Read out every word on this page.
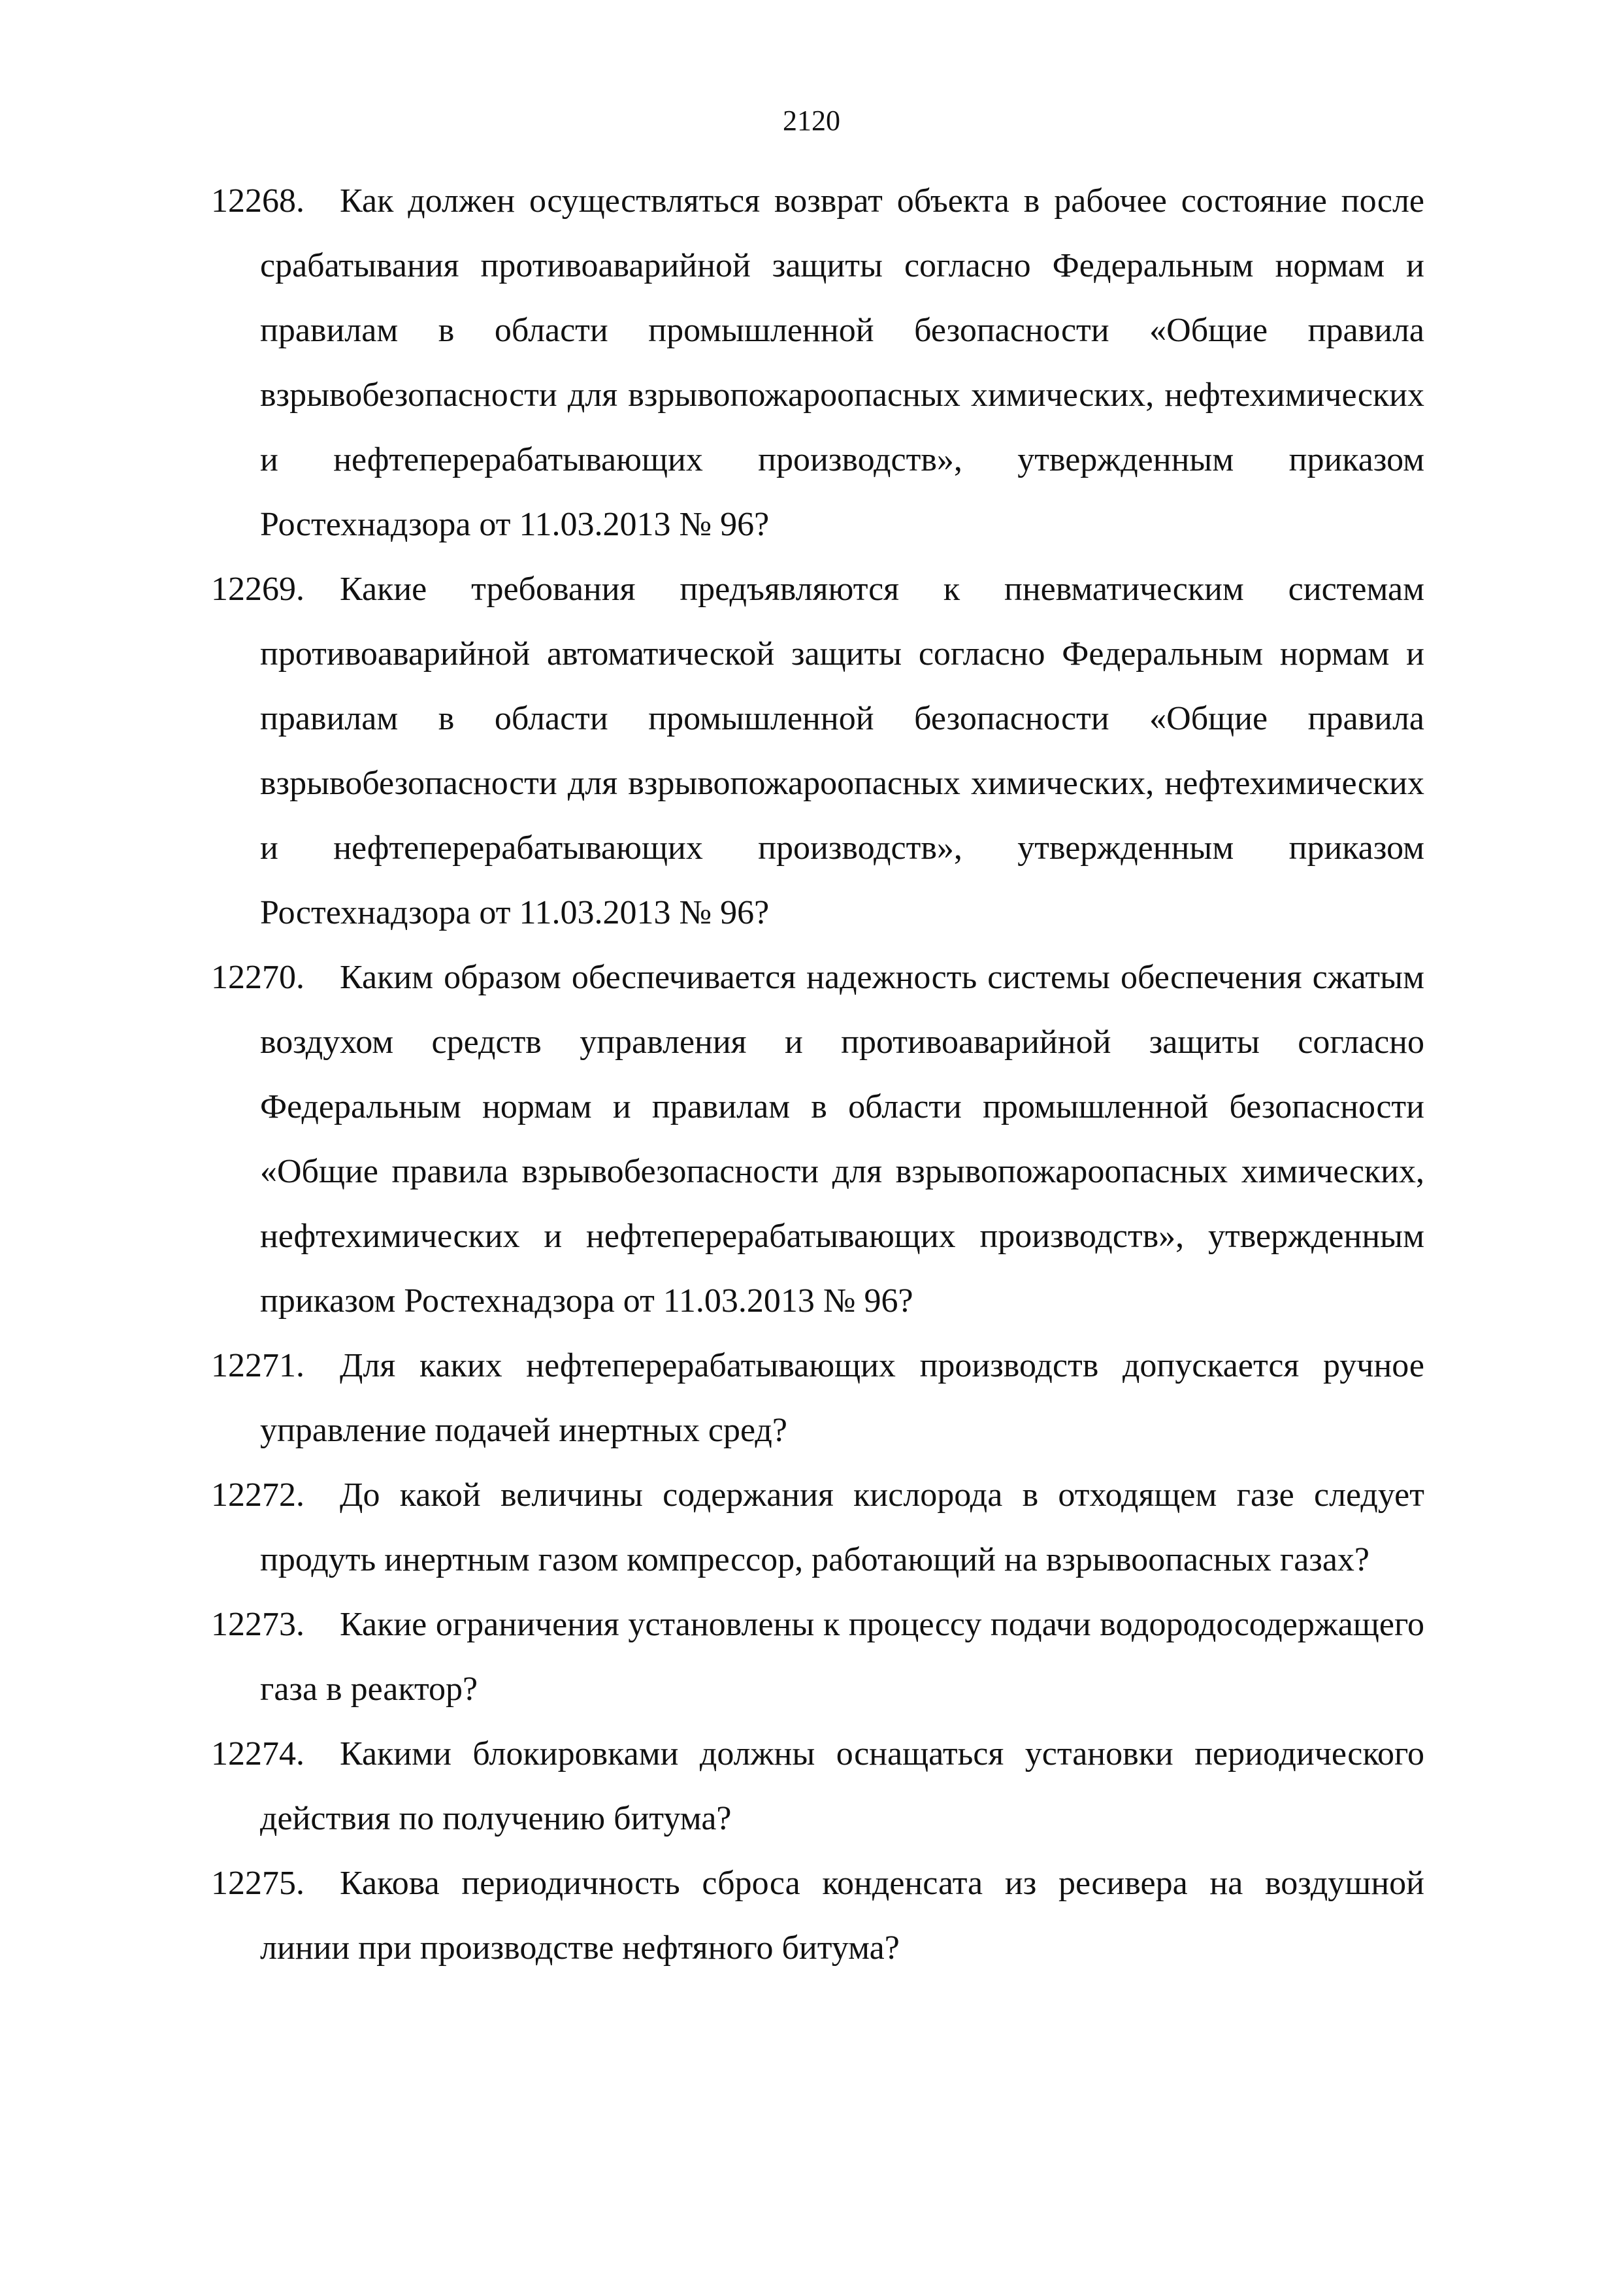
2120
12268.	Как должен осуществляться возврат объекта в рабочее состояние после срабатывания противоаварийной защиты согласно Федеральным нормам и правилам в области промышленной безопасности «Общие правила взрывобезопасности для взрывопожароопасных химических, нефтехимических и нефтеперерабатывающих производств», утвержденным приказом Ростехнадзора от 11.03.2013 № 96?
12269.	Какие требования предъявляются к пневматическим системам противоаварийной автоматической защиты согласно Федеральным нормам и правилам в области промышленной безопасности «Общие правила взрывобезопасности для взрывопожароопасных химических, нефтехимических и нефтеперерабатывающих производств», утвержденным приказом Ростехнадзора от 11.03.2013 № 96?
12270.	Каким образом обеспечивается надежность системы обеспечения сжатым воздухом средств управления и противоаварийной защиты согласно Федеральным нормам и правилам в области промышленной безопасности «Общие правила взрывобезопасности для взрывопожароопасных химических, нефтехимических и нефтеперерабатывающих производств», утвержденным приказом Ростехнадзора от 11.03.2013 № 96?
12271.	Для каких нефтеперерабатывающих производств допускается ручное управление подачей инертных сред?
12272.	До какой величины содержания кислорода в отходящем газе следует продуть инертным газом компрессор, работающий на взрывоопасных газах?
12273.	Какие ограничения установлены к процессу подачи водородосодержащего газа в реактор?
12274.	Какими блокировками должны оснащаться установки периодического действия по получению битума?
12275.	Какова периодичность сброса конденсата из ресивера на воздушной линии при производстве нефтяного битума?
